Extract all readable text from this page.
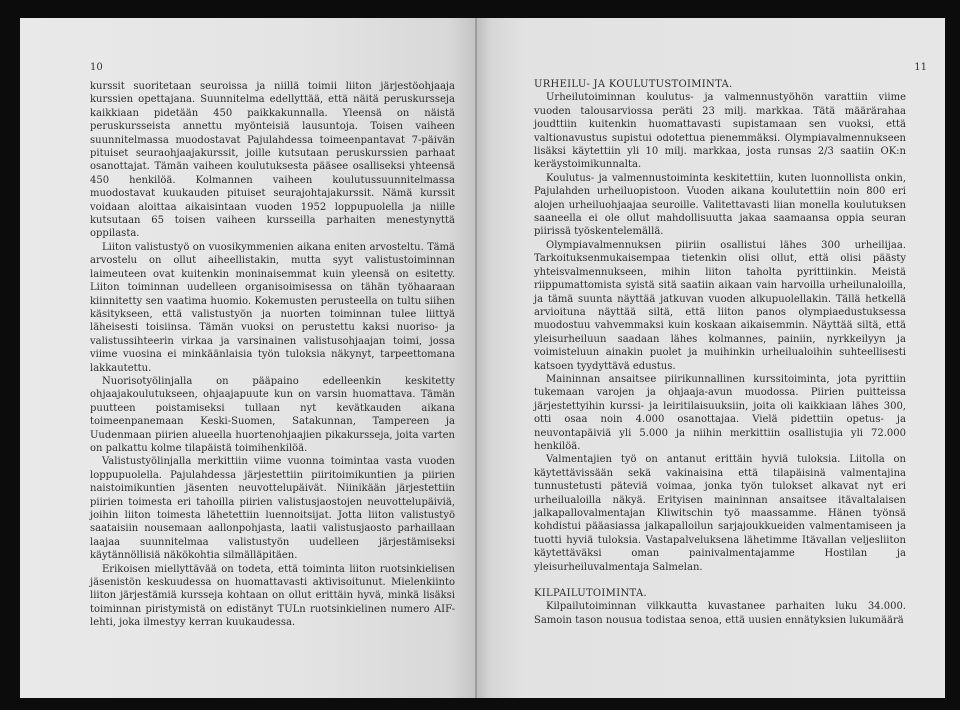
10

kurssit suoritetaan seuroissa ja niillä toimii liiton järjestöohjaaja kurssien opettajana. Suunnitelma edellyttää, että näitä peruskursseja kaikkiaan pidetään 450 paikkakunnalla. Yleensä on näistä peruskursseista annettu myönteisiä lausuntoja. Toisen vaiheen suunnitelmassa muodostavat Pajulahdessa toimeenpantavat 7-päivän pituiset seuraohjaajakurssit, joille kutsutaan peruskurssien parhaat osanottajat. Tämän vaiheen koulutuksesta pääsee osalliseksi yhteensä 450 henkilöä. Kolmannen vaiheen koulutussuunnitelmassa muodostavat kuukauden pituiset seurajohtajakurssit. Nämä kurssit voidaan aloittaa aikaisintaan vuoden 1952 loppupuolella ja niille kutsutaan 65 toisen vaiheen kursseilla parhaiten menestynyttä oppilasta.

Liiton valistustyö on vuosikymmenien aikana eniten arvosteltu. Tämä arvostelu on ollut aiheellistakin, mutta syyt valistustoiminnan laimeuteen ovat kuitenkin moninaisemmat kuin yleensä on esitetty. Liiton toiminnan uudelleen organisoimisessa on tähän työhaaraan kiinnitetty sen vaatima huomio. Kokemusten perusteella on tultu siihen käsitykseen, että valistustyön ja nuorten toiminnan tulee liittyä läheisesti toisiinsa. Tämän vuoksi on perustettu kaksi nuoriso- ja valistussihteerin virkaa ja varsinainen valistusohjaajan toimi, jossa viime vuosina ei minkäänlaisia työn tuloksia näkynyt, tarpeettomana lakkautettu.

Nuorisotyölinjalla on pääpaino edelleenkin keskitetty ohjaajakoulutukseen, ohjaajapuute kun on varsin huomattava. Tämän puutteen poistamiseksi tullaan nyt kevätkauden aikana toimeenpanemaan Keski-Suomen, Satakunnan, Tampereen ja Uudenmaan piirien alueella huortenohjaajien pikakursseja, joita varten on palkattu kolme tilapäistä toimihenkilöä.

Valistustyölinjalla merkittiin viime vuonna toimintaa vasta vuoden loppupuolella. Pajulahdessa järjestettiin piiritoimikuntien ja piirien naistoimikuntien jäsenten neuvottelupäivät. Niinikään järjestettiin piirien toimesta eri tahoilla piirien valistusjaostojen neuvottelupäiviä, joihin liiton toimesta lähetettiin luennoitsijat. Jotta liiton valistustyö saataisiin nousemaan aallonpohjasta, laatii valistusjaosto parhaillaan laajaa suunnitelmaa valistustyön uudelleen järjestämiseksi käytännöllisiä näkökohtia silmälläpitäen.

Erikoisen miellyttävää on todeta, että toiminta liiton ruotsinkielisen jäsenistön keskuudessa on huomattavasti aktivisoitunut. Mielenkiinto liiton järjestämiä kursseja kohtaan on ollut erittäin hyvä, minkä lisäksi toiminnan piristymistä on edistänyt TULn ruotsinkielinen numero AIF-lehti, joka ilmestyy kerran kuukaudessa.

11
URHEILU- JA KOULUTUSTOIMINTA.

Urheilutoiminnan koulutus- ja valmennustyöhön varattiin viime vuoden talousarviossa peräti 23 milj. markkaa. Tätä määrärahaa joudttiin kuitenkin huomattavasti supistamaan sen vuoksi, että valtionavustus supistui odotettua pienemmäksi. Olympiavalmennukseen lisäksi käytettiin yli 10 milj. markkaa, josta runsas 2/3 saatiin OK:n keräystoimikunnalta.

Koulutus- ja valmennustoiminta keskitettiin, kuten luonnollista onkin, Pajulahden urheiluopistoon. Vuoden aikana koulutettiin noin 800 eri alojen urheiluohjaajaa seuroille. Valitettavasti liian monella koulutuksen saaneella ei ole ollut mahdollisuutta jakaa saamaansa oppia seuran piirissä työskentelemällä.

Olympiavalmennuksen piiriin osallistui lähes 300 urheilijaa. Tarkoituksenmukaisempaa tietenkin olisi ollut, että olisi päästy yhteisvalmennukseen, mihin liiton taholta pyrittiinkin. Meistä riippumattomista syistä sitä saatiin aikaan vain harvoilla urheilunaloilla, ja tämä suunta näyttää jatkuvan vuoden alkupuolellakin. Tällä hetkellä arvioituna näyttää siltä, että liiton panos olympiaedustuksessa muodostuu vahvemmaksi kuin koskaan aikaisemmin. Näyttää siltä, että yleisurheiluun saadaan lähes kolmannes, painiin, nyrkkeilyyn ja voimisteluun ainakin puolet ja muihinkin urheilualoihin suhteellisesti katsoen tyydyttävä edustus.

Maininnan ansaitsee piirikunnallinen kurssitoiminta, jota pyrittiin tukemaan varojen ja ohjaaja-avun muodossa. Piirien puitteissa järjestettyihin kurssi- ja leiritilaisuuksiin, joita oli kaikkiaan lähes 300, otti osaa noin 4.000 osanottajaa. Vielä pidettiin opetus- ja neuvontapäiviä yli 5.000 ja niihin merkittiin osallistujia yli 72.000 henkilöä.

Valmentajien työ on antanut erittäin hyviä tuloksia. Liitolla on käytettävissään sekä vakinaisina että tilapäisinä valmentajina tunnustetusti päteviä voimaa, jonka työn tulokset alkavat nyt eri urheilualoilla näkyä. Erityisen maininnan ansaitsee itävaltalaisen jalkapallovalmentajan Kliwitschin työ maassamme. Hänen työnsä kohdistui pääasiassa jalkapalloilun sarjajoukkueiden valmentamiseen ja tuotti hyviä tuloksia. Vastapalveluksena lähetimme Itävallan veljesliiton käytettäväksi oman painivalmentajamme Hostilan ja yleisurheiluvalmentaja Salmelan.

KILPAILUTOIMINTA.

Kilpailutoiminnan vilkkautta kuvastanee parhaiten luku 34.000. Samoin tason nousua todistaa senoa, että uusien ennätyksien lukumäärä
